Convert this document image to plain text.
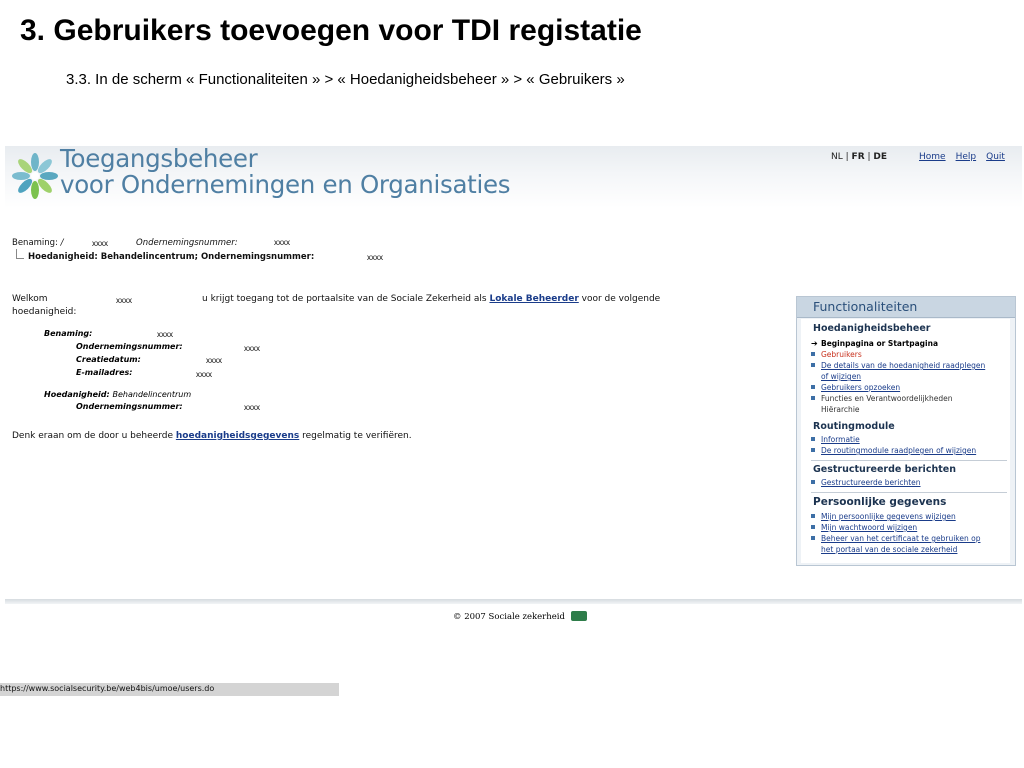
3. Gebruikers toevoegen voor TDI registatie
3.3. In de scherm « Functionaliteiten » > « Hoedanigheidsbeheer » > « Gebruikers »
Toegangsbeheer
voor Ondernemingen en Organisaties
NL | FR | DE	Home Help Quit
Benaming: /	xxxx	Ondernemingsnummer:	xxxx
Hoedanigheid: Behandelincentrum; Ondernemingsnummer:	xxxx
Welkom	xxxx	u krijgt toegang tot de portaalsite van de Sociale Zekerheid als Lokale Beheerder voor de volgende
hoedanigheid:
Benaming:	xxxx
Ondernemingsnummer:	xxxx
Creatiedatum:	xxxx
E-mailadres:	xxxx
Hoedanigheid: Behandelincentrum
Ondernemingsnummer:	xxxx
Denk eraan om de door u beheerde hoedanigheidsgegevens regelmatig te verifiëren.
Functionaliteiten
Hoedanigheidsbeheer
➔ Beginpagina or Startpagina
Gebruikers
De details van de hoedanigheid raadplegen
of wijzigen
Gebruikers opzoeken
Functies en Verantwoordelijkheden
Hiërarchie
Routingmodule
Informatie
De routingmodule raadplegen of wijzigen
Gestructureerde berichten
Gestructureerde berichten
Persoonlijke gegevens
Mijn persoonlijke gegevens wijzigen
Mijn wachtwoord wijzigen
Beheer van het certificaat te gebruiken op
het portaal van de sociale zekerheid
© 2007 Sociale zekerheid
https://www.socialsecurity.be/web4bis/umoe/users.do
